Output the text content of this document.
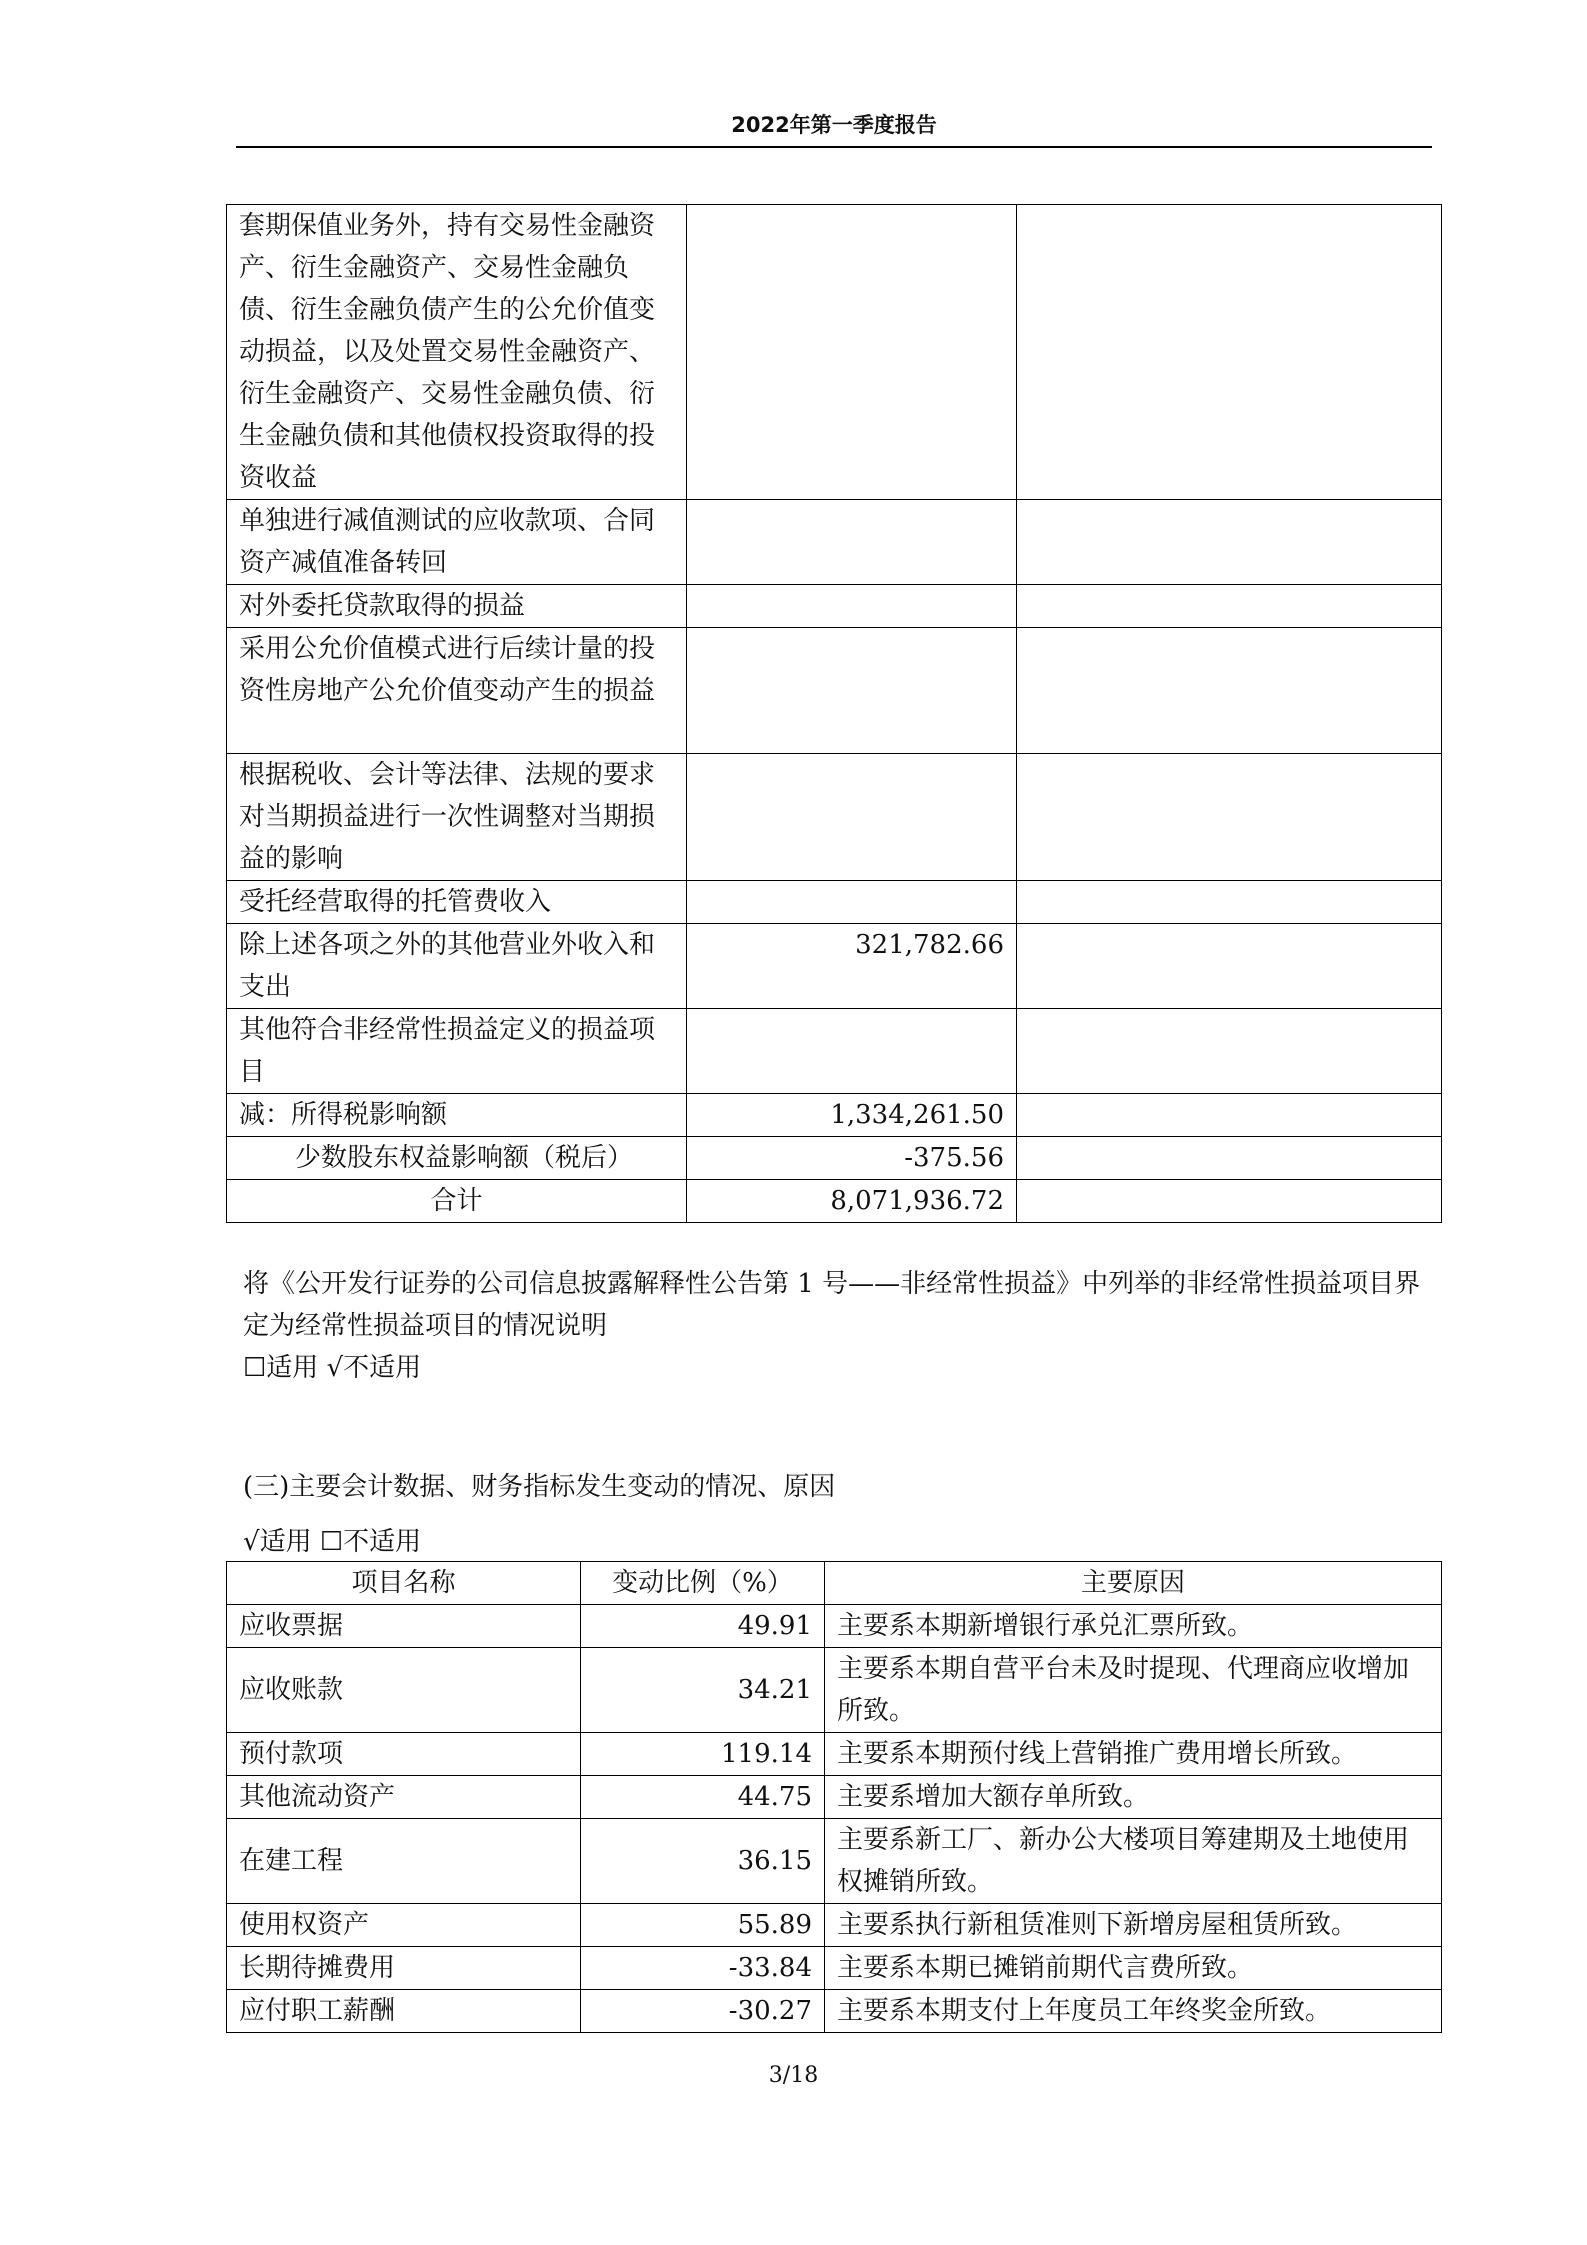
2022年第一季度报告
套期保值业务外，持有交易性金融资产、衍生金融资产、交易性金融负债、衍生金融负债产生的公允价值变动损益，以及处置交易性金融资产、衍生金融资产、交易性金融负债、衍生金融负债和其他债权投资取得的投资收益		
单独进行减值测试的应收款项、合同资产减值准备转回		
对外委托贷款取得的损益		
采用公允价值模式进行后续计量的投资性房地产公允价值变动产生的损益		
根据税收、会计等法律、法规的要求对当期损益进行一次性调整对当期损益的影响		
受托经营取得的托管费收入		
除上述各项之外的其他营业外收入和支出	321,782.66	
其他符合非经常性损益定义的损益项目		
减：所得税影响额	1,334,261.50	
少数股东权益影响额（税后）	-375.56	
合计	8,071,936.72	
将《公开发行证券的公司信息披露解释性公告第 1 号——非经常性损益》中列举的非经常性损益项目界定为经常性损益项目的情况说明
☐适用 √不适用
(三)主要会计数据、财务指标发生变动的情况、原因
√适用 ☐不适用
项目名称	变动比例（%）	主要原因
应收票据	49.91	主要系本期新增银行承兑汇票所致。
应收账款	34.21	主要系本期自营平台未及时提现、代理商应收增加所致。
预付款项	119.14	主要系本期预付线上营销推广费用增长所致。
其他流动资产	44.75	主要系增加大额存单所致。
在建工程	36.15	主要系新工厂、新办公大楼项目筹建期及土地使用权摊销所致。
使用权资产	55.89	主要系执行新租赁准则下新增房屋租赁所致。
长期待摊费用	-33.84	主要系本期已摊销前期代言费所致。
应付职工薪酬	-30.27	主要系本期支付上年度员工年终奖金所致。
3/18
